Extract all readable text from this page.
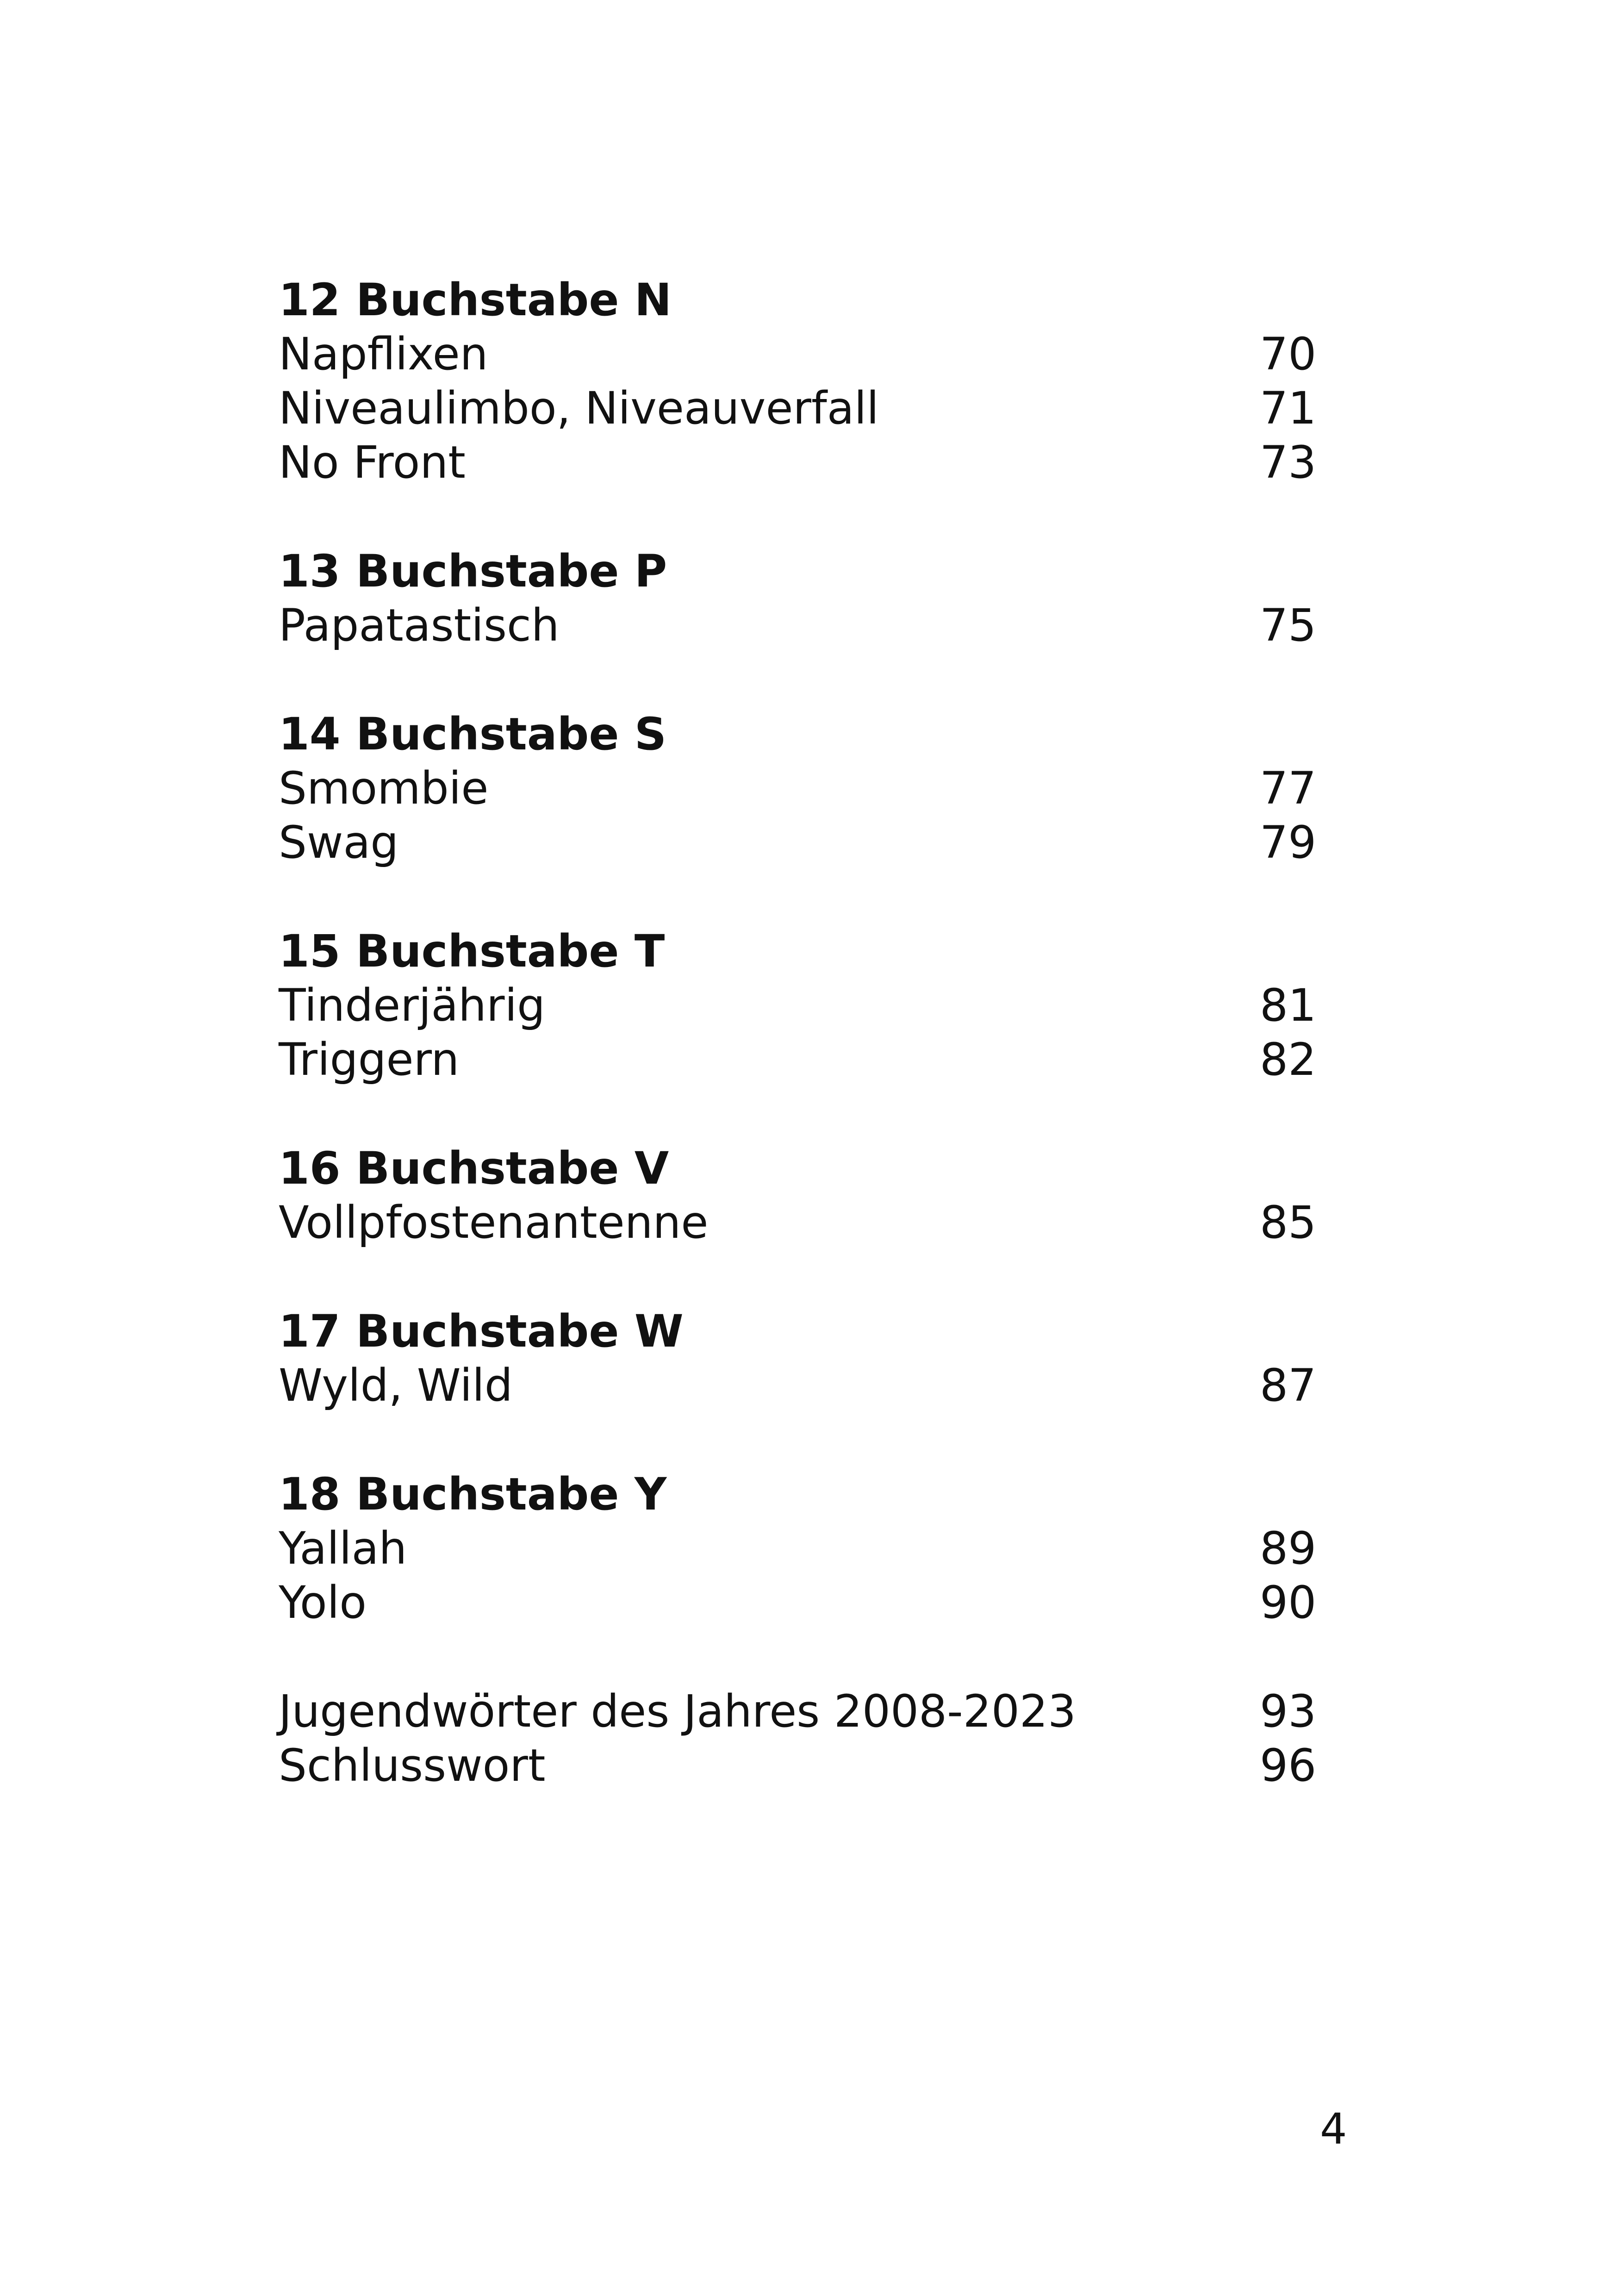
12 Buchstabe N
Napflixen	70
Niveaulimbo, Niveauverfall	71
No Front	73
13 Buchstabe P
Papatastisch	75
14 Buchstabe S
Smombie	77
Swag	79
15 Buchstabe T
Tinderjährig	81
Triggern	82
16 Buchstabe V
Vollpfostenantenne	85
17 Buchstabe W
Wyld, Wild	87
18 Buchstabe Y
Yallah	89
Yolo	90
Jugendwörter des Jahres 2008-2023	93
Schlusswort	96
4
